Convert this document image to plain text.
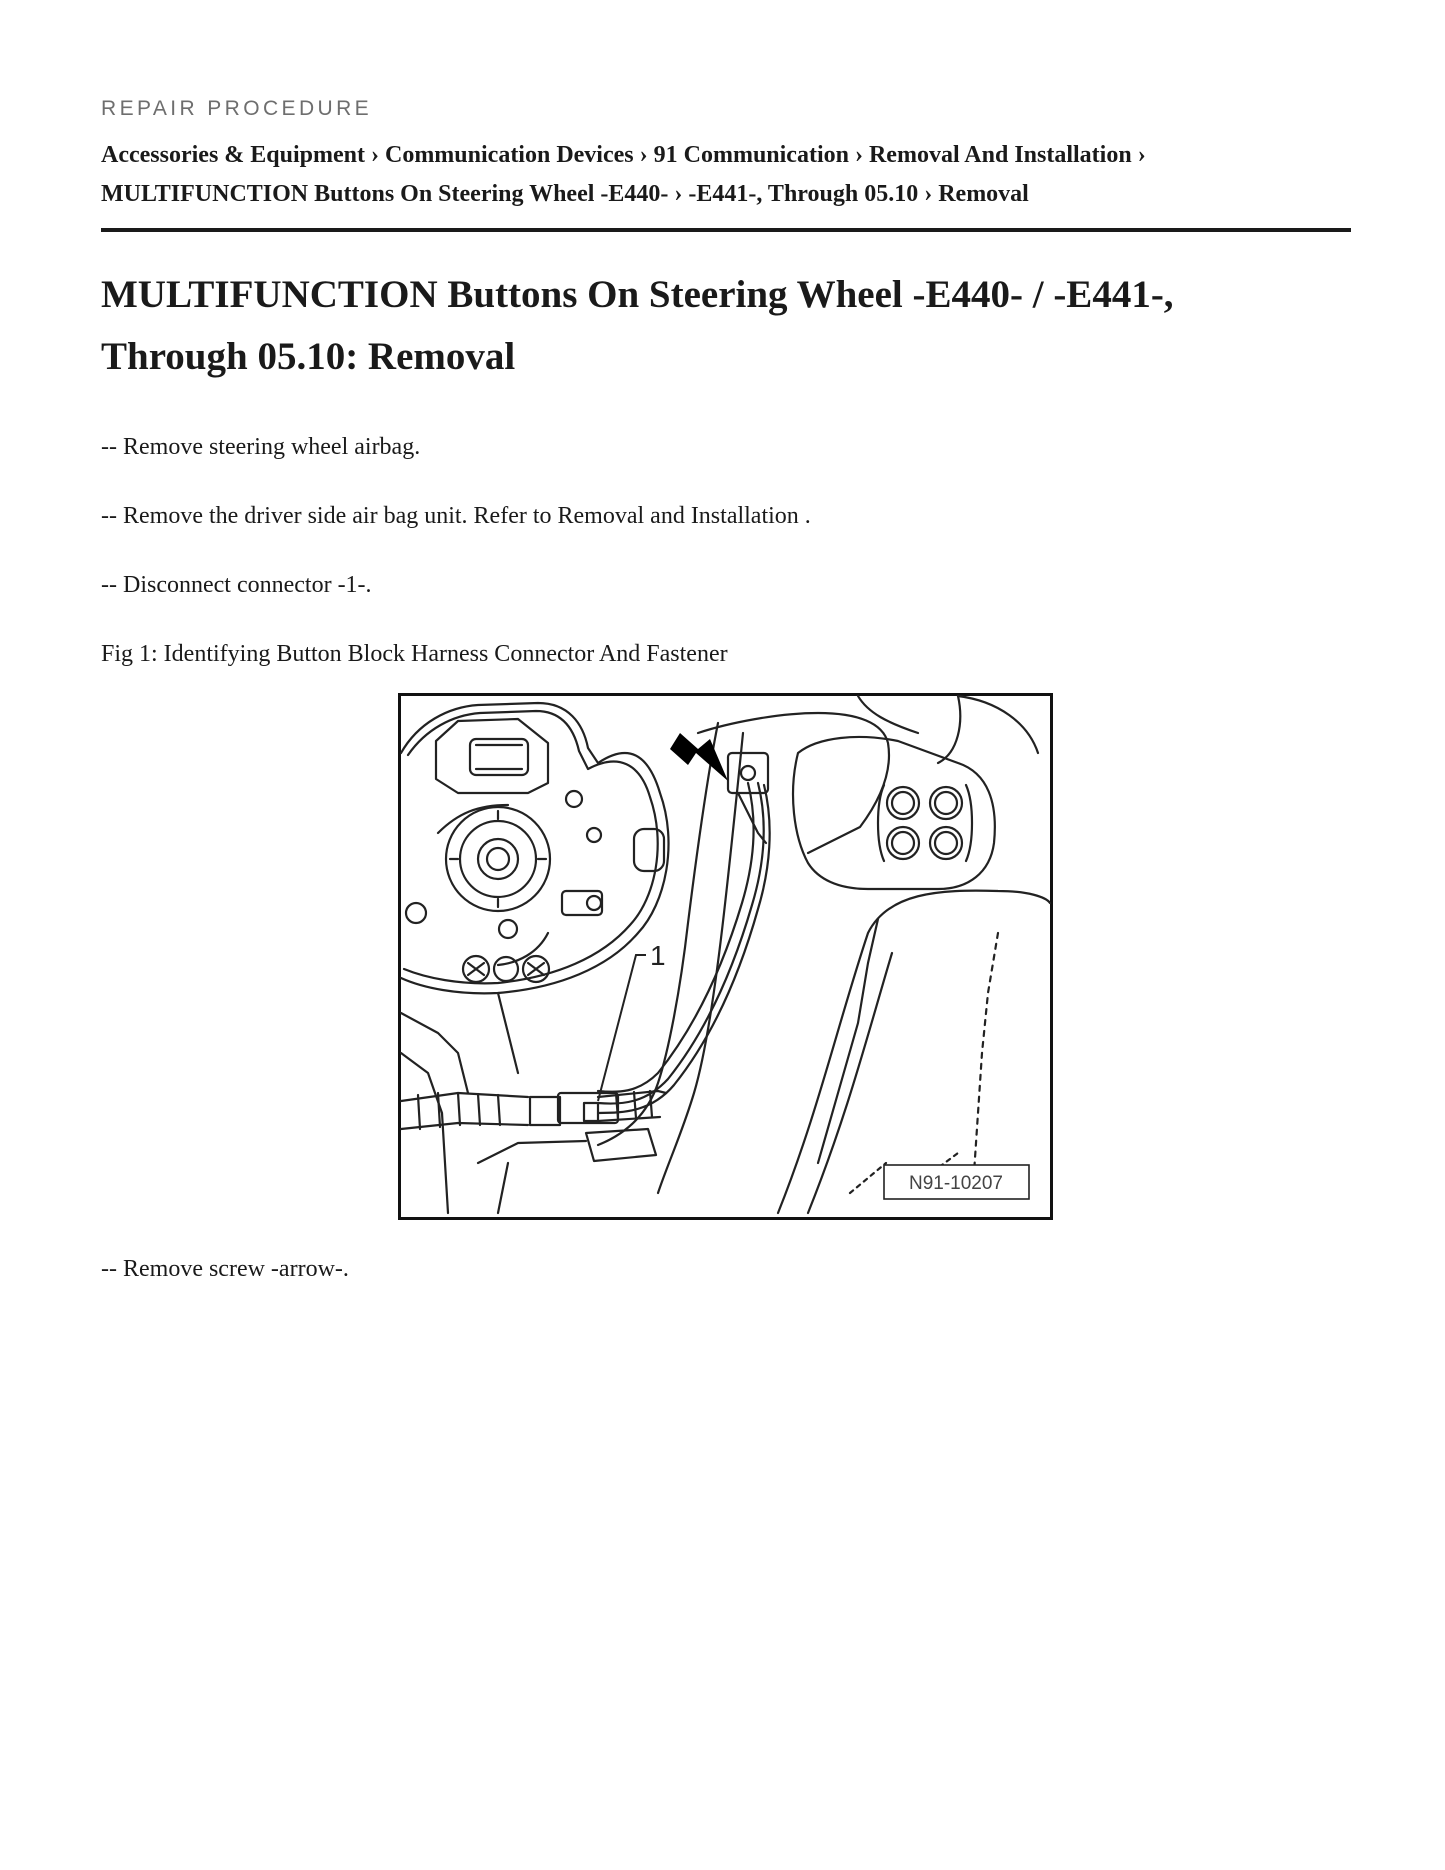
REPAIR PROCEDURE

Accessories & Equipment › Communication Devices › 91 Communication › Removal And Installation ›
MULTIFUNCTION Buttons On Steering Wheel -E440- › -E441-, Through 05.10 › Removal
MULTIFUNCTION Buttons On Steering Wheel -E440- / -E441-,
Through 05.10: Removal

-- Remove steering wheel airbag.

-- Remove the driver side air bag unit. Refer to Removal and Installation .

-- Disconnect connector -1-.

Fig 1: Identifying Button Block Harness Connector And Fastener

1
N91-10207

-- Remove screw -arrow-.
